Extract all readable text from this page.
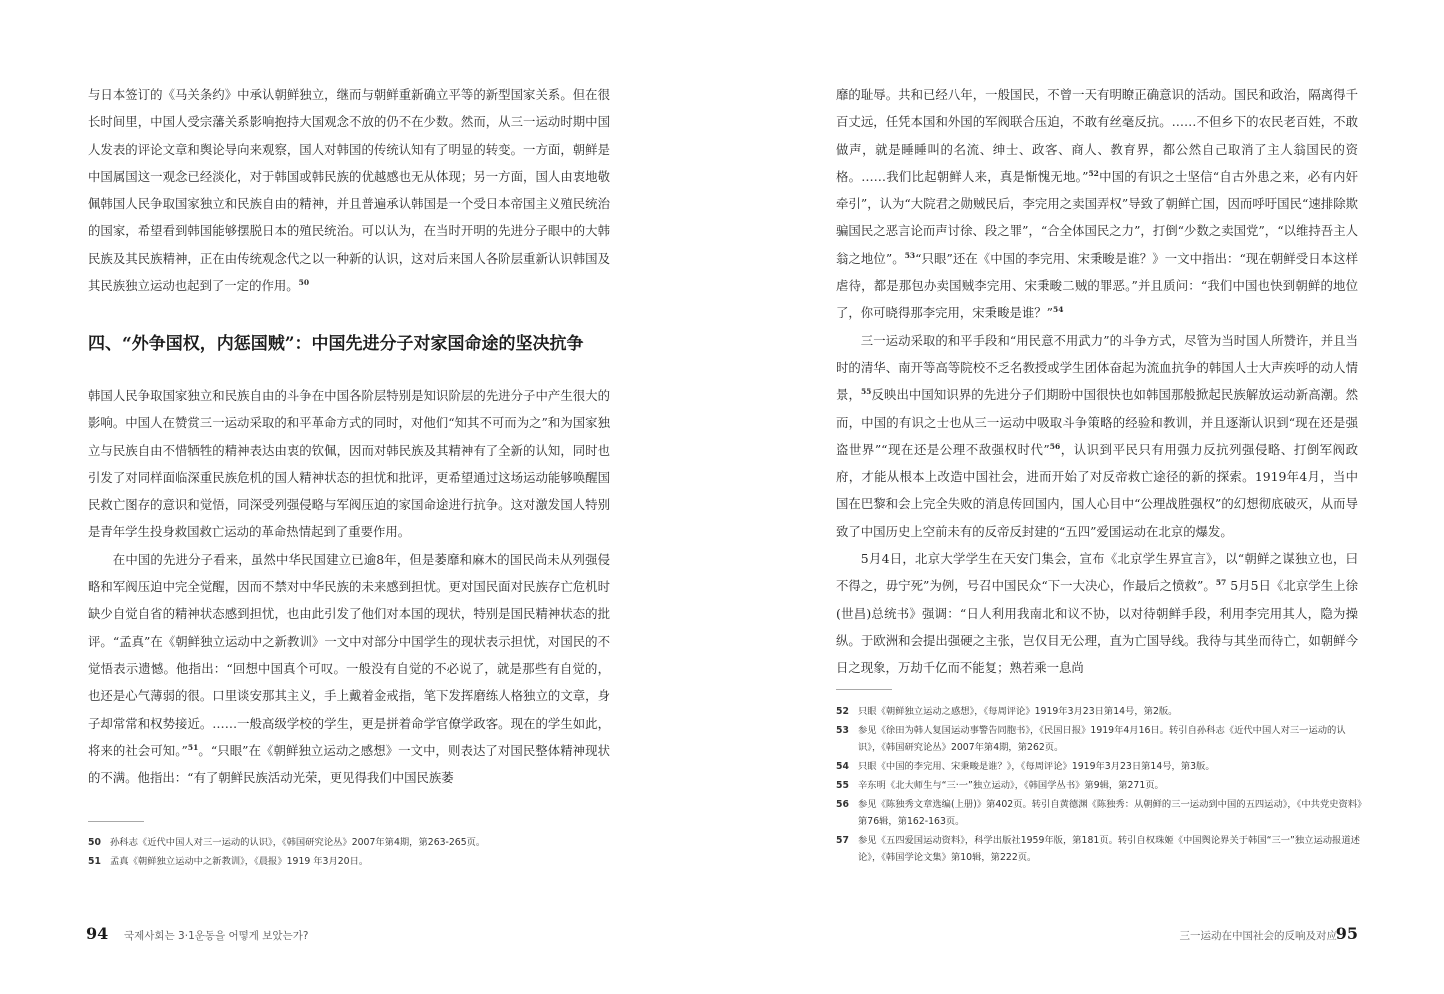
与日本签订的《马关条约》中承认朝鲜独立，继而与朝鲜重新确立平等的新型国家关系。但在很长时间里，中国人受宗藩关系影响抱持大国观念不放的仍不在少数。然而，从三一运动时期中国人发表的评论文章和舆论导向来观察，国人对韩国的传统认知有了明显的转变。一方面，朝鲜是中国属国这一观念已经淡化，对于韩国或韩民族的优越感也无从体现；另一方面，国人由衷地敬佩韩国人民争取国家独立和民族自由的精神，并且普遍承认韩国是一个受日本帝国主义殖民统治的国家，希望看到韩国能够摆脱日本的殖民统治。可以认为，在当时开明的先进分子眼中的大韩民族及其民族精神，正在由传统观念代之以一种新的认识，这对后来国人各阶层重新认识韩国及其民族独立运动也起到了一定的作用。$^{50}$

四、“外争国权，内惩国贼”：中国先进分子对家国命途的坚决抗争

韩国人民争取国家独立和民族自由的斗争在中国各阶层特别是知识阶层的先进分子中产生很大的影响。中国人在赞赏三一运动采取的和平革命方式的同时，对他们“知其不可而为之”和为国家独立与民族自由不惜牺牲的精神表达由衷的钦佩，因而对韩民族及其精神有了全新的认知，同时也引发了对同样面临深重民族危机的国人精神状态的担忧和批评，更希望通过这场运动能够唤醒国民救亡图存的意识和觉悟，同深受列强侵略与军阀压迫的家国命途进行抗争。这对激发国人特别是青年学生投身救国救亡运动的革命热情起到了重要作用。

在中国的先进分子看来，虽然中华民国建立已逾8年，但是萎靡和麻木的国民尚未从列强侵略和军阀压迫中完全觉醒，因而不禁对中华民族的未来感到担忧。更对国民面对民族存亡危机时缺少自觉自省的精神状态感到担忧，也由此引发了他们对本国的现状，特别是国民精神状态的批评。“孟真”在《朝鲜独立运动中之新教训》一文中对部分中国学生的现状表示担忧，对国民的不觉悟表示遗憾。他指出：“回想中国真个可叹。一般没有自觉的不必说了，就是那些有自觉的，也还是心气薄弱的很。口里谈安那其主义，手上戴着金戒指，笔下发挥磨练人格独立的文章，身子却常常和权势接近。……一般高级学校的学生，更是拼着命学官僚学政客。现在的学生如此，将来的社会可知。”$^{51}$。“只眼”在《朝鲜独立运动之感想》一文中，则表达了对国民整体精神现状的不满。他指出：“有了朝鲜民族活动光荣，更见得我们中国民族萎

50 孙科志《近代中国人对三一运动的认识》，《韩国研究论丛》2007年第4期，第263-265页。
51 孟真《朝鲜独立运动中之新教训》，《晨报》1919 年3月20日。
94 국제사회는 3·1운동을 어떻게 보았는가?

靡的耻辱。共和已经八年，一般国民，不曾一天有明瞭正确意识的活动。国民和政治，隔离得千百丈远，任凭本国和外国的军阀联合压迫，不敢有丝毫反抗。……不但乡下的农民老百姓，不敢做声，就是睡睡叫的名流、绅士、政客、商人、教育界，都公然自己取消了主人翁国民的资格。……我们比起朝鲜人来，真是惭愧无地。”$^{52}$中国的有识之士坚信“自古外患之来，必有内奸牵引”，认为“大院君之勋贼民后，李完用之卖国弄权”导致了朝鲜亡国，因而呼吁国民“速排除欺骗国民之恶言论而声讨徐、段之罪”，“合全体国民之力”，打倒“少数之卖国党”，“以维持吾主人翁之地位”。$^{53}$“只眼”还在《中国的李完用、宋秉畯是谁？》一文中指出：“现在朝鲜受日本这样虐待，都是那包办卖国贼李完用、宋秉畯二贼的罪恶。”并且质问：“我们中国也快到朝鲜的地位了，你可晓得那李完用，宋秉畯是谁？”$^{54}$

三一运动采取的和平手段和“用民意不用武力”的斗争方式，尽管为当时国人所赞许，并且当时的清华、南开等高等院校不乏名教授或学生团体奋起为流血抗争的韩国人士大声疾呼的动人情景，$^{55}$反映出中国知识界的先进分子们期盼中国很快也如韩国那般掀起民族解放运动新高潮。然而，中国的有识之士也从三一运动中吸取斗争策略的经验和教训，并且逐渐认识到“现在还是强盗世界”“现在还是公理不敌强权时代”$^{56}$，认识到平民只有用强力反抗列强侵略、打倒军阀政府，才能从根本上改造中国社会，进而开始了对反帝救亡途径的新的探索。1919年4月，当中国在巴黎和会上完全失败的消息传回国内，国人心目中“公理战胜强权”的幻想彻底破灭，从而导致了中国历史上空前未有的反帝反封建的“五四”爱国运动在北京的爆发。

5月4日，北京大学学生在天安门集会，宣布《北京学生界宣言》，以“朝鲜之谋独立也，曰不得之，毋宁死”为例，号召中国民众“下一大决心，作最后之愤救”。$^{57}$ 5月5日《北京学生上徐(世昌)总统书》强调：“日人利用我南北和议不协，以对待朝鲜手段，利用李完用其人，隐为操纵。于欧洲和会提出强硬之主张，岂仅目无公理，直为亡国导线。我待与其坐而待亡，如朝鲜今日之现象，万劫千亿而不能复；熟若乘一息尚

52 只眼《朝鲜独立运动之感想》，《每周评论》1919年3月23日第14号，第2版。
53 参见《徐田为韩人复国运动事警告同胞书》，《民国日报》1919年4月16日。转引自孙科志《近代中国人对三一运动的认识》，《韩国研究论丛》2007年第4期，第262页。
54 只眼《中国的李完用、宋秉畯是谁？》，《每周评论》1919年3月23日第14号，第3版。
55 辛东明《北大师生与“三·一”独立运动》，《韩国学丛书》第9辑，第271页。
56 参见《陈独秀文章选编(上册)》第402页。转引自黄德渊《陈独秀：从朝鲜的三一运动到中国的五四运动》，《中共党史资料》第76辑，第162-163页。
57 参见《五四爱国运动资料》，科学出版社1959年版，第181页。转引自权珠姬《中国舆论界关于韩国“三一”独立运动报道述论》，《韩国学论文集》第10辑，第222页。
三一运动在中国社会的反响及对应
95
